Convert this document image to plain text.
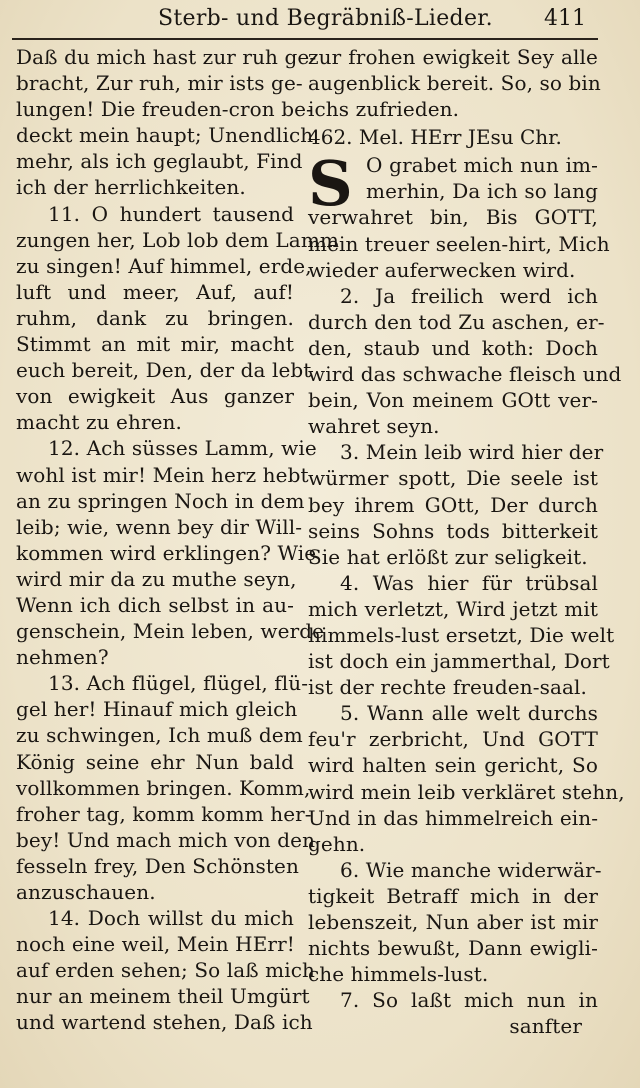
Sterb- und Begräbniß-Lieder. 411
Daß du mich hast zur ruh ge-
bracht, Zur ruh, mir ists ge-
lungen! Die freuden-cron be-
deckt mein haupt; Unendlich
mehr, als ich geglaubt, Find
ich der herrlichkeiten.
11. O hundert tausend
zungen her, Lob lob dem Lamm
zu singen! Auf himmel, erde,
luft und meer, Auf, auf!
ruhm, dank zu bringen.
Stimmt an mit mir, macht
euch bereit, Den, der da lebt
von ewigkeit Aus ganzer
macht zu ehren.
12. Ach süsses Lamm, wie
wohl ist mir! Mein herz hebt
an zu springen Noch in dem
leib; wie, wenn bey dir Will-
kommen wird erklingen? Wie
wird mir da zu muthe seyn,
Wenn ich dich selbst in au-
genschein, Mein leben, werde
nehmen?
13. Ach flügel, flügel, flü-
gel her! Hinauf mich gleich
zu schwingen, Ich muß dem
König seine ehr Nun bald
vollkommen bringen. Komm,
froher tag, komm komm her-
bey! Und mach mich von den
fesseln frey, Den Schönsten
anzuschauen.
14. Doch willst du mich
noch eine weil, Mein HErr!
auf erden sehen; So laß mich
nur an meinem theil Umgürt
und wartend stehen, Daß ich
zur frohen ewigkeit Sey alle
augenblick bereit. So, so bin
ichs zufrieden.
462. Mel. HErr JEsu Chr.
S O grabet mich nun im-
merhin, Da ich so lang
verwahret bin, Bis GOTT,
mein treuer seelen-hirt, Mich
wieder auferwecken wird.
2. Ja freilich werd ich
durch den tod Zu aschen, er-
den, staub und koth: Doch
wird das schwache fleisch und
bein, Von meinem GOtt ver-
wahret seyn.
3. Mein leib wird hier der
würmer spott, Die seele ist
bey ihrem GOtt, Der durch
seins Sohns tods bitterkeit
Sie hat erlößt zur seligkeit.
4. Was hier für trübsal
mich verletzt, Wird jetzt mit
himmels-lust ersetzt, Die welt
ist doch ein jammerthal, Dort
ist der rechte freuden-saal.
5. Wann alle welt durchs
feu'r zerbricht, Und GOTT
wird halten sein gericht, So
wird mein leib verkläret stehn,
Und in das himmelreich ein-
gehn.
6. Wie manche widerwär-
tigkeit Betraff mich in der
lebenszeit, Nun aber ist mir
nichts bewußt, Dann ewigli-
che himmels-lust.
7. So laßt mich nun in
sanfter
